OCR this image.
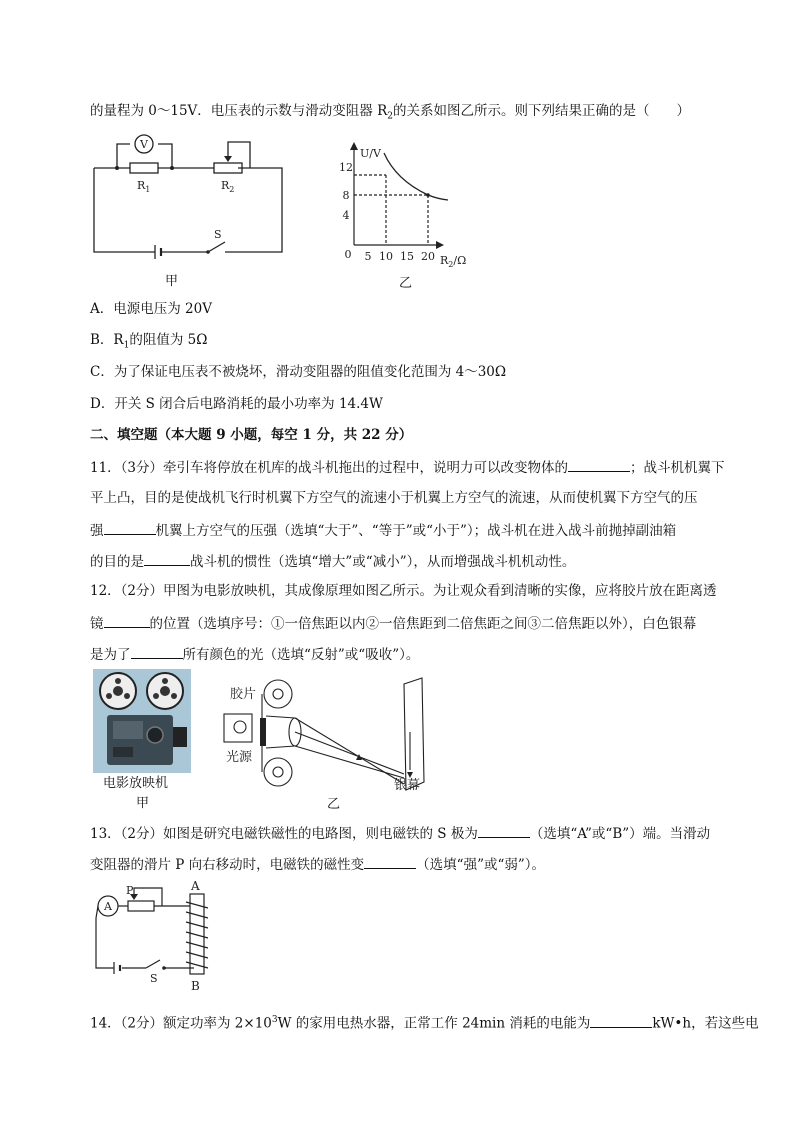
的量程为 0～15V．电压表的示数与滑动变阻器 $R_2$的关系如图乙所示。则下列结果正确的是（　　）
V
$R_1$	$R_2$
S
甲
12
8
4
0 5 10 15 20
U/V
$R_2/\Omega$
乙
A．电源电压为 20V
B．$R_1$的阻值为 5Ω
C．为了保证电压表不被烧坏，滑动变阻器的阻值变化范围为 4～30Ω
D．开关 S 闭合后电路消耗的最小功率为 14.4W
二、填空题（本大题 9 小题，每空 1 分，共 22 分）
11．（3分）牵引车将停放在机库的战斗机拖出的过程中，说明力可以改变物体的	；战斗机机翼下
平上凸，目的是使战机飞行时机翼下方空气的流速小于机翼上方空气的流速，从而使机翼下方空气的压
强	机翼上方空气的压强（选填“大于”、“等于”或“小于”）；战斗机在进入战斗前抛掉副油箱
的目的是	战斗机的惯性（选填“增大”或“减小”），从而增强战斗机机动性。
12．（2分）甲图为电影放映机，其成像原理如图乙所示。为让观众看到清晰的实像，应将胶片放在距离透
镜	的位置（选填序号：①一倍焦距以内②一倍焦距到二倍焦距之间③二倍焦距以外），白色银幕
是为了	所有颜色的光（选填“反射”或“吸收”）。
电影放映机
甲
胶片
光源
银幕
乙
13．（2分）如图是研究电磁铁磁性的电路图，则电磁铁的 S 极为	（选填“A”或“B”）端。当滑动
变阻器的滑片 P 向右移动时，电磁铁的磁性变	（选填“强”或“弱”）。
A
P	A
B
S
14．（2分）额定功率为 $2\times 10^3W$ 的家用电热水器，正常工作 24min 消耗的电能为	kW•h，若这些电
